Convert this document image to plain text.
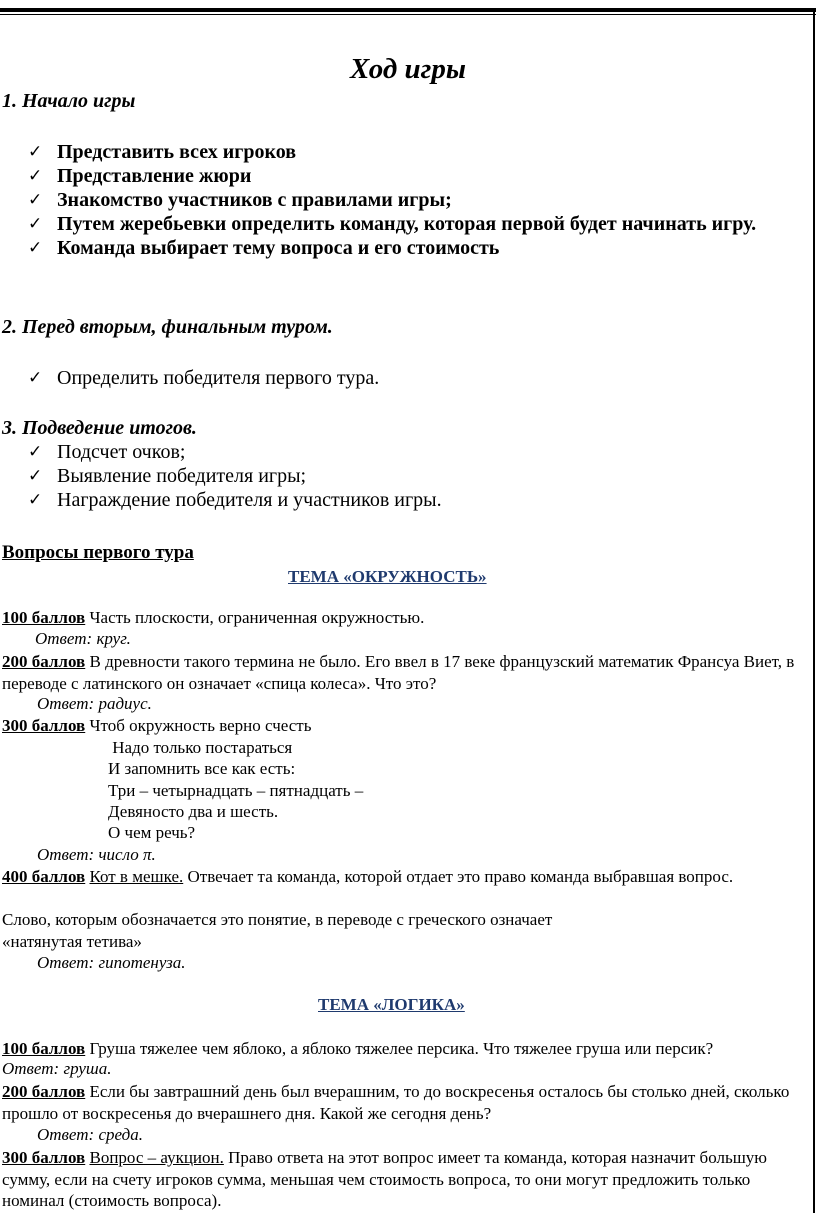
Ход игры
1. Начало игры
✓ Представить всех игроков
✓ Представление жюри
✓ Знакомство участников с правилами игры;
✓ Путем жеребьевки определить команду, которая первой будет начинать игру.
✓ Команда выбирает тему вопроса и его стоимость
2. Перед вторым, финальным туром.
✓ Определить победителя первого тура.
3. Подведение итогов.
✓ Подсчет очков;
✓ Выявление победителя игры;
✓ Награждение победителя и участников игры.
Вопросы первого тура
ТЕМА «ОКРУЖНОСТЬ»
100 баллов Часть плоскости, ограниченная окружностью.
Ответ: круг.
200 баллов В древности такого термина не было. Его ввел в 17 веке французский математик Франсуа Виет, в переводе с латинского он означает «спица колеса». Что это?
Ответ: радиус.
300 баллов Чтоб окружность верно счесть
Надо только постараться
И запомнить все как есть:
Три – четырнадцать – пятнадцать –
Девяносто два и шесть.
О чем речь?
Ответ: число π.
400 баллов Кот в мешке. Отвечает та команда, которой отдает это право команда выбравшая вопрос.
Слово, которым обозначается это понятие, в переводе с греческого означает
«натянутая тетива»
Ответ: гипотенуза.
ТЕМА «ЛОГИКА»
100 баллов Груша тяжелее чем яблоко, а яблоко тяжелее персика. Что тяжелее груша или персик?
Ответ: груша.
200 баллов Если бы завтрашний день был вчерашним, то до воскресенья осталось бы столько дней, сколько прошло от воскресенья до вчерашнего дня. Какой же сегодня день?
Ответ: среда.
300 баллов Вопрос – аукцион. Право ответа на этот вопрос имеет та команда, которая назначит большую сумму, если на счету игроков сумма, меньшая чем стоимость вопроса, то они могут предложить только номинал (стоимость вопроса).
